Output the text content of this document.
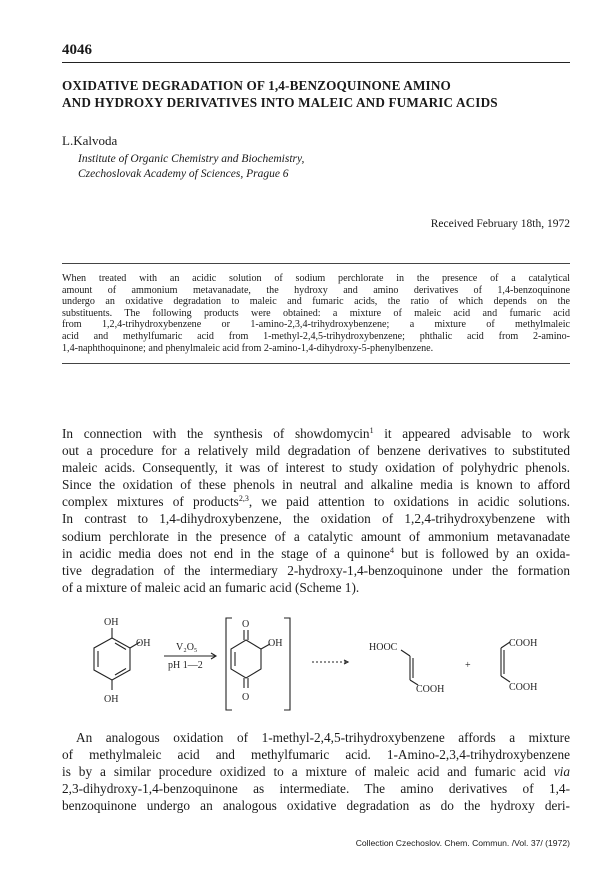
4046
OXIDATIVE DEGRADATION OF 1,4-BENZOQUINONE AMINO
AND HYDROXY DERIVATIVES INTO MALEIC AND FUMARIC ACIDS
L.Kalvoda
Institute of Organic Chemistry and Biochemistry,
Czechoslovak Academy of Sciences, Prague 6
Received February 18th, 1972

When treated with an acidic solution of sodium perchlorate in the presence of a catalytical
amount of ammonium metavanadate, the hydroxy and amino derivatives of 1,4-benzoquinone
undergo an oxidative degradation to maleic and fumaric acids, the ratio of which depends on the
substituents. The following products were obtained: a mixture of maleic acid and fumaric acid
from 1,2,4-trihydroxybenzene or 1-amino-2,3,4-trihydroxybenzene; a mixture of methylmaleic
acid and methylfumaric acid from 1-methyl-2,4,5-trihydroxybenzene; phthalic acid from 2-amino-
1,4-naphthoquinone; and phenylmaleic acid from 2-amino-1,4-dihydroxy-5-phenylbenzene.

In connection with the synthesis of showdomycin$^1$ it appeared advisable to work
out a procedure for a relatively mild degradation of benzene derivatives to substituted
maleic acids. Consequently, it was of interest to study oxidation of polyhydric phenols.
Since the oxidation of these phenols in neutral and alkaline media is known to afford
complex mixtures of products$^{2,3}$, we paid attention to oxidations in acidic solutions.
In contrast to 1,4-dihydroxybenzene, the oxidation of 1,2,4-trihydroxybenzene with
sodium perchlorate in the presence of a catalytic amount of ammonium metavanadate
in acidic media does not end in the stage of a quinone$^4$ but is followed by an oxida-
tive degradation of the intermediary 2-hydroxy-1,4-benzoquinone under the formation
of a mixture of maleic acid an fumaric acid (Scheme 1).

OH
OH
OH
V₂O₅
pH 1—2
O
OH
O
HOOC
COOH
+
COOH
COOH

An analogous oxidation of 1-methyl-2,4,5-trihydroxybenzene affords a mixture
of methylmaleic acid and methylfumaric acid. 1-Amino-2,3,4-trihydroxybenzene
is by a similar procedure oxidized to a mixture of maleic acid and fumaric acid via
2,3-dihydroxy-1,4-benzoquinone as intermediate. The amino derivatives of 1,4-
benzoquinone undergo an analogous oxidative degradation as do the hydroxy deri-

Collection Czechoslov. Chem. Commun. /Vol. 37/ (1972)
